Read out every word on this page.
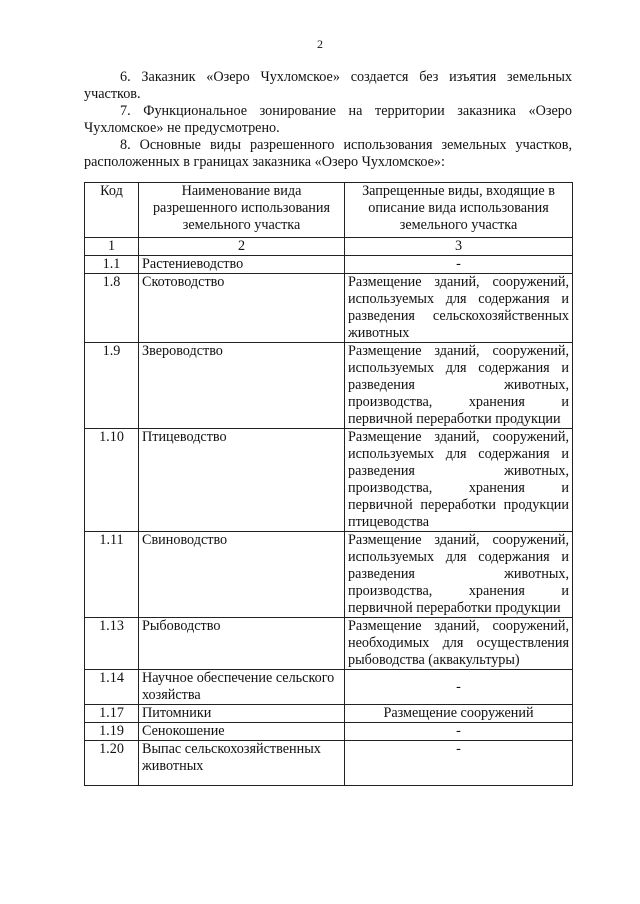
2

6. Заказник «Озеро Чухломское» создается без изъятия земельных участков.

7. Функциональное зонирование на территории заказника «Озеро Чухломское» не предусмотрено.

8. Основные виды разрешенного использования земельных участков, расположенных в границах заказника «Озеро Чухломское»:

Код	Наименование вида разрешенного использования земельного участка	Запрещенные виды, входящие в описание вида использования земельного участка
1	2	3
1.1	Растениеводство	-
1.8	Скотоводство	Размещение зданий, сооружений, используемых для содержания и разведения сельскохозяйственных животных
1.9	Звероводство	Размещение зданий, сооружений, используемых для содержания и разведения животных, производства, хранения и первичной переработки продукции
1.10	Птицеводство	Размещение зданий, сооружений, используемых для содержания и разведения животных, производства, хранения и первичной переработки продукции птицеводства
1.11	Свиноводство	Размещение зданий, сооружений, используемых для содержания и разведения животных, производства, хранения и первичной переработки продукции
1.13	Рыбоводство	Размещение зданий, сооружений, необходимых для осуществления рыбоводства (аквакультуры)
1.14	Научное обеспечение сельского хозяйства	-
1.17	Питомники	Размещение сооружений
1.19	Сенокошение	-
1.20	Выпас сельскохозяйственных животных	-
